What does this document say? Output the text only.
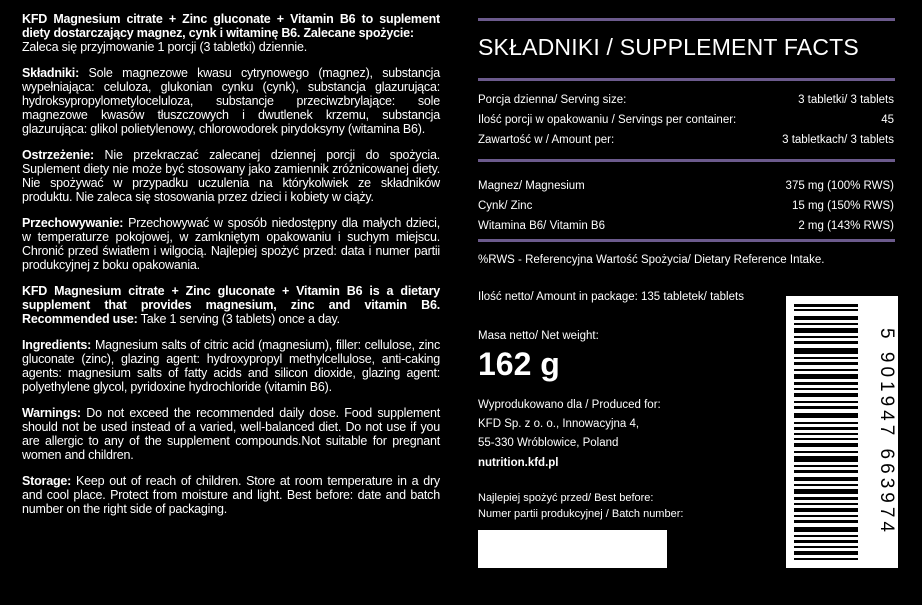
KFD Magnesium citrate + Zinc gluconate + Vitamin B6 to suplement diety dostarczający magnez, cynk i witaminę B6. Zalecane spożycie:
Zaleca się przyjmowanie 1 porcji (3 tabletki) dziennie.

Składniki: Sole magnezowe kwasu cytrynowego (magnez), substancja wypełniająca: celuloza, glukonian cynku (cynk), substancja glazurująca: hydroksypropylometyloceluloza, substancje przeciwzbrylające: sole magnezowe kwasów tłuszczowych i dwutlenek krzemu, substancja glazurująca: glikol polietylenowy, chlorowodorek pirydoksyny (witamina B6).

Ostrzeżenie: Nie przekraczać zalecanej dziennej porcji do spożycia. Suplement diety nie może być stosowany jako zamiennik zróżnicowanej diety. Nie spożywać w przypadku uczulenia na którykolwiek ze składników produktu. Nie zaleca się stosowania przez dzieci i kobiety w ciąży.

Przechowywanie: Przechowywać w sposób niedostępny dla małych dzieci, w temperaturze pokojowej, w zamkniętym opakowaniu i suchym miejscu. Chronić przed światłem i wilgocią. Najlepiej spożyć przed: data i numer partii produkcyjnej z boku opakowania.

KFD Magnesium citrate + Zinc gluconate + Vitamin B6 is a dietary supplement that provides magnesium, zinc and vitamin B6. Recommended use: Take 1 serving (3 tablets) once a day.

Ingredients: Magnesium salts of citric acid (magnesium), filler: cellulose, zinc gluconate (zinc), glazing agent: hydroxypropyl methylcellulose, anti-caking agents: magnesium salts of fatty acids and silicon dioxide, glazing agent: polyethylene glycol, pyridoxine hydrochloride (vitamin B6).

Warnings: Do not exceed the recommended daily dose. Food supplement should not be used instead of a varied, well-balanced diet. Do not use if you are allergic to any of the supplement compounds.Not suitable for pregnant women and children.

Storage: Keep out of reach of children. Store at room temperature in a dry and cool place. Protect from moisture and light. Best before: date and batch number on the right side of packaging.

SKŁADNIKI / SUPPLEMENT FACTS
Porcja dzienna/ Serving size:	3 tabletki/ 3 tablets
Ilość porcji w opakowaniu / Servings per container:	45
Zawartość w / Amount per:	3 tabletkach/ 3 tablets
Magnez/ Magnesium	375 mg (100% RWS)
Cynk/ Zinc	15 mg (150% RWS)
Witamina B6/ Vitamin B6	2 mg (143% RWS)
%RWS - Referencyjna Wartość Spożycia/ Dietary Reference Intake.
Ilość netto/ Amount in package: 135 tabletek/ tablets
Masa netto/ Net weight:
162 g
Wyprodukowano dla / Produced for:
KFD Sp. z o. o., Innowacyjna 4,
55-330 Wróblowice, Poland
nutrition.kfd.pl
Najlepiej spożyć przed/ Best before:
Numer partii produkcyjnej / Batch number:	5 901947 663974
